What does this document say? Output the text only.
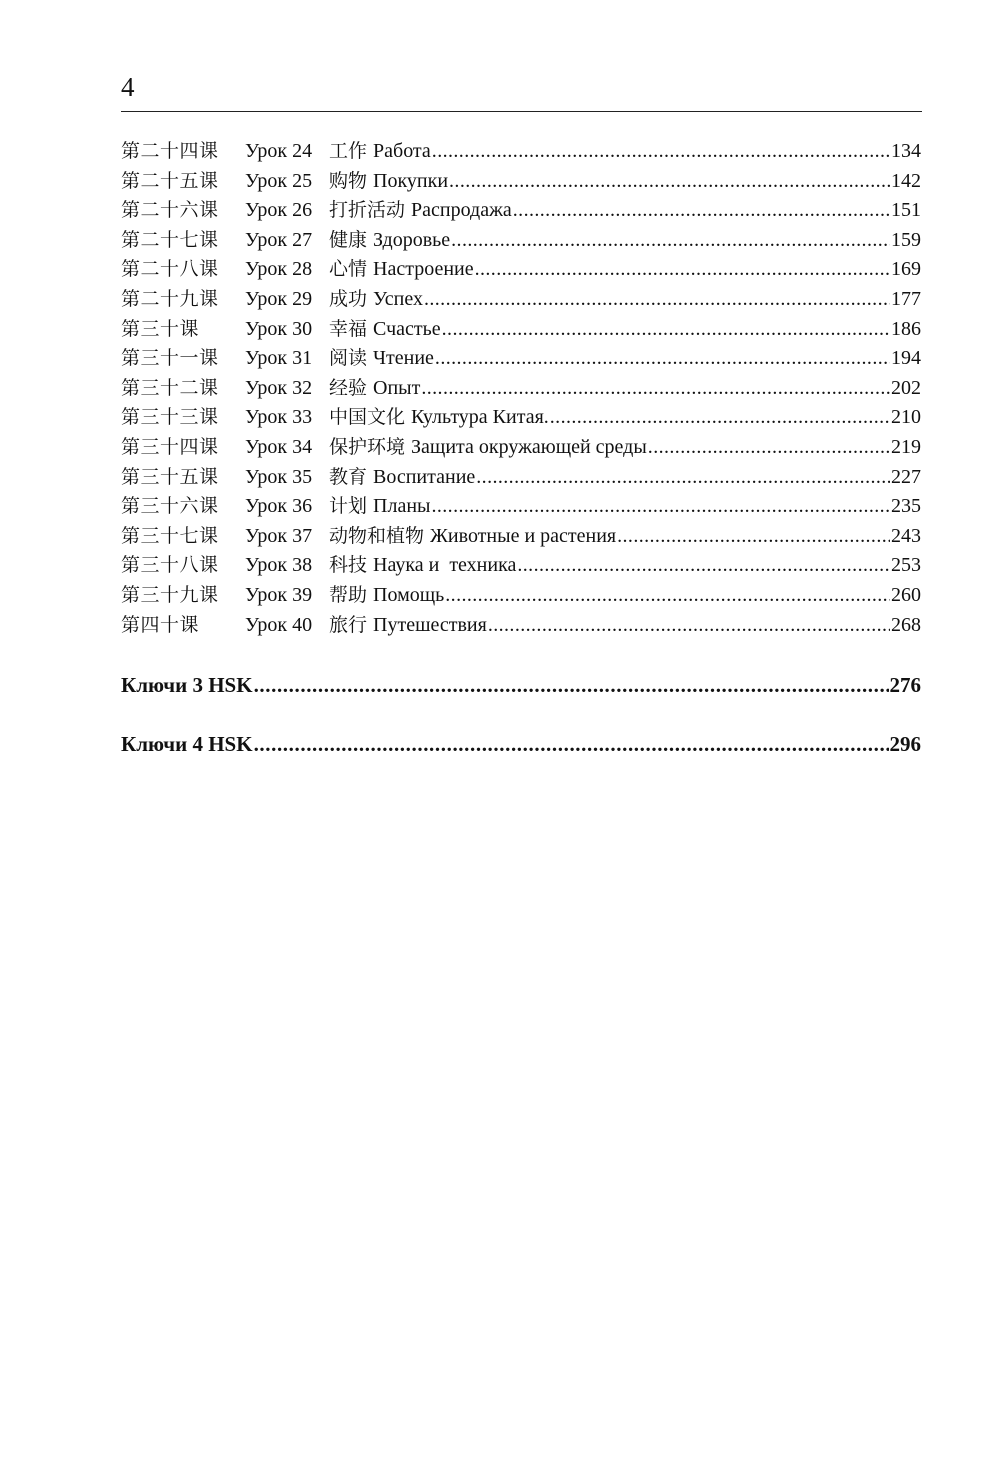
4
第二十四课	Урок 24 工作 Работа .....	134
第二十五课	Урок 25 购物 Покупки .....	142
第二十六课	Урок 26 打折活动 Распродажа .....	151
第二十七课	Урок 27 健康 Здоровье .....	159
第二十八课	Урок 28 心情 Настроение .....	169
第二十九课	Урок 29 成功 Успех .....	177
第三十课	Урок 30 幸福 Счастье .....	186
第三十一课	Урок 31 阅读 Чтение .....	194
第三十二课	Урок 32 经验 Опыт .....	202
第三十三课	Урок 33 中国文化 Культура Китая. .....	210
第三十四课	Урок 34 保护环境 Защита окружающей среды .....	219
第三十五课	Урок 35 教育 Воспитание .....	227
第三十六课	Урок 36 计划 Планы .....	235
第三十七课	Урок 37 动物和植物 Животные и растения .....	243
第三十八课	Урок 38 科技 Наука и  техника .....	253
第三十九课	Урок 39 帮助 Помощь .....	260
第四十课	Урок 40 旅行 Путешествия .....	268
Ключи 3 HSK .....	276
Ключи 4 HSK .....	296
